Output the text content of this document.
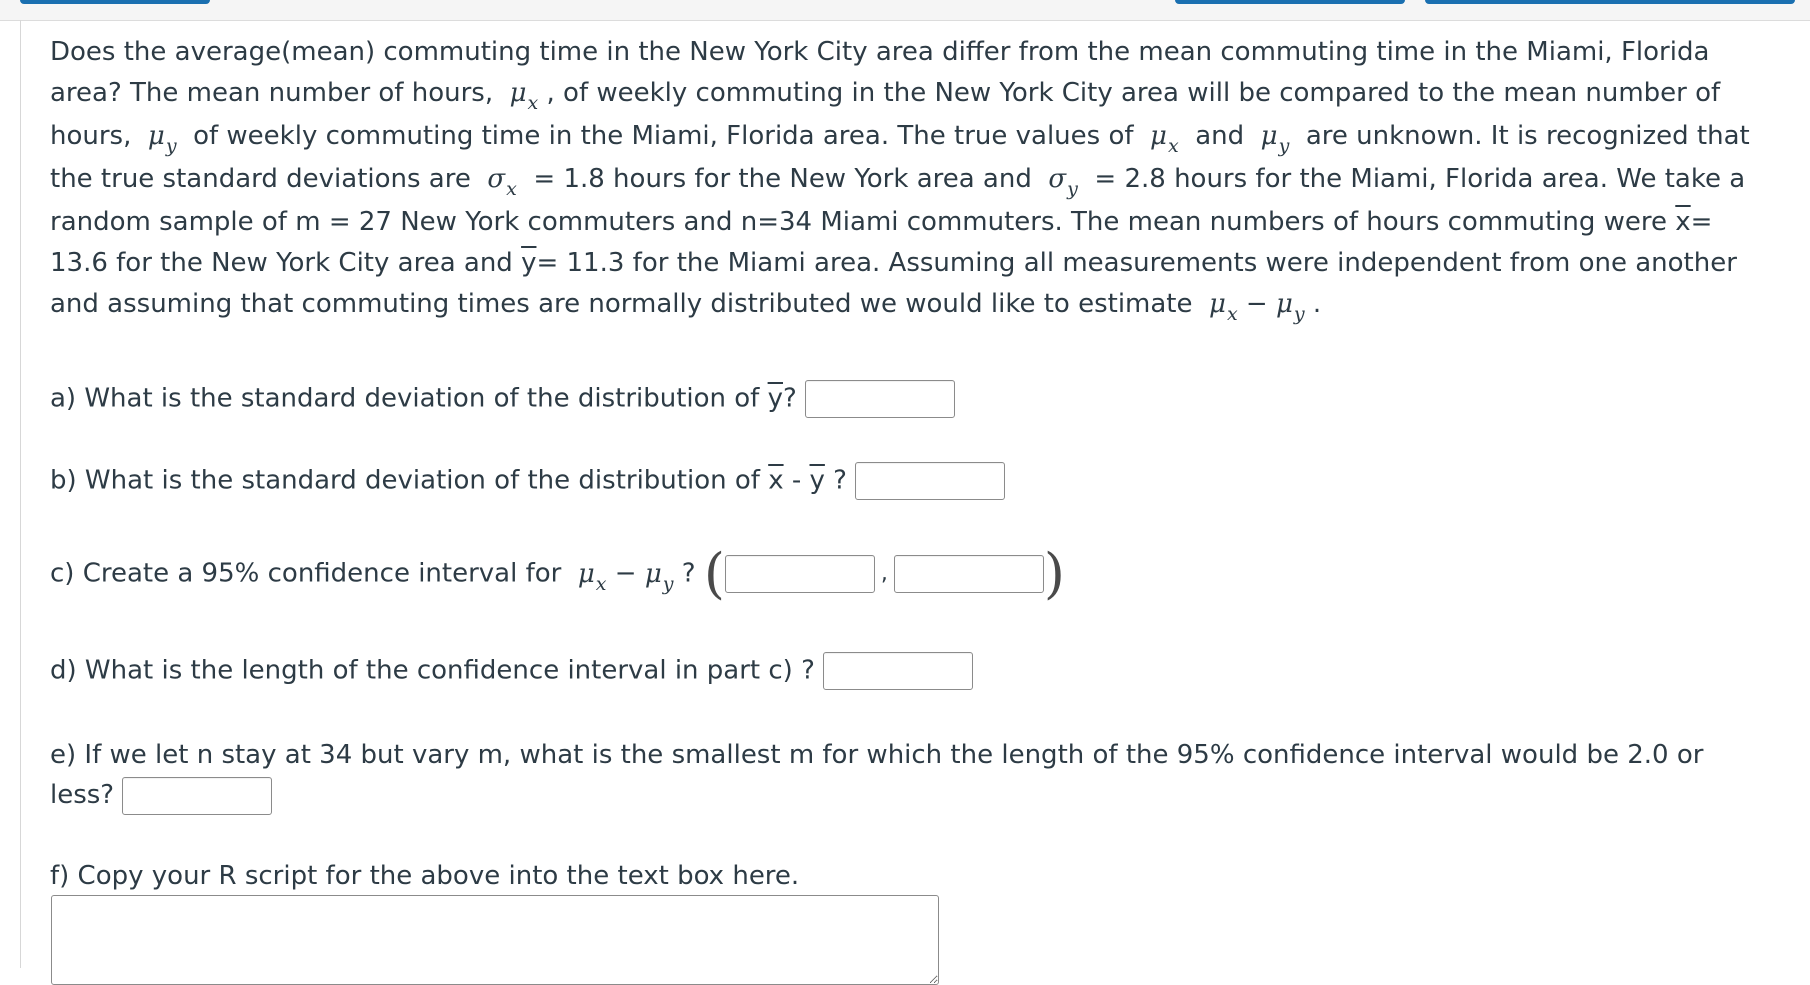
Does the average(mean) commuting time in the New York City area differ from the mean commuting time in the Miami, Florida
area? The mean number of hours, $\mu_x$ , of weekly commuting in the New York City area will be compared to the mean number of
hours, $\mu_y$ of weekly commuting time in the Miami, Florida area. The true values of $\mu_x$ and $\mu_y$ are unknown. It is recognized that
the true standard deviations are $\sigma_x = 1.8$ hours for the New York area and $\sigma_y = 2.8$ hours for the Miami, Florida area. We take a
random sample of m = 27 New York commuters and n=34 Miami commuters. The mean numbers of hours commuting were $\overline{x}=$
13.6 for the New York City area and $\overline{y}= 11.3$ for the Miami area. Assuming all measurements were independent from one another
and assuming that commuting times are normally distributed we would like to estimate $\mu_x - \mu_y$ .
a) What is the standard deviation of the distribution of $\overline{y}$?
b) What is the standard deviation of the distribution of $\overline{x} - \overline{y}$ ?
c) Create a 95% confidence interval for $\mu_x - \mu_y$ ? (	,	)
d) What is the length of the confidence interval in part c) ?
e) If we let n stay at 34 but vary m, what is the smallest m for which the length of the 95% confidence interval would be 2.0 or
less?
f) Copy your R script for the above into the text box here.
